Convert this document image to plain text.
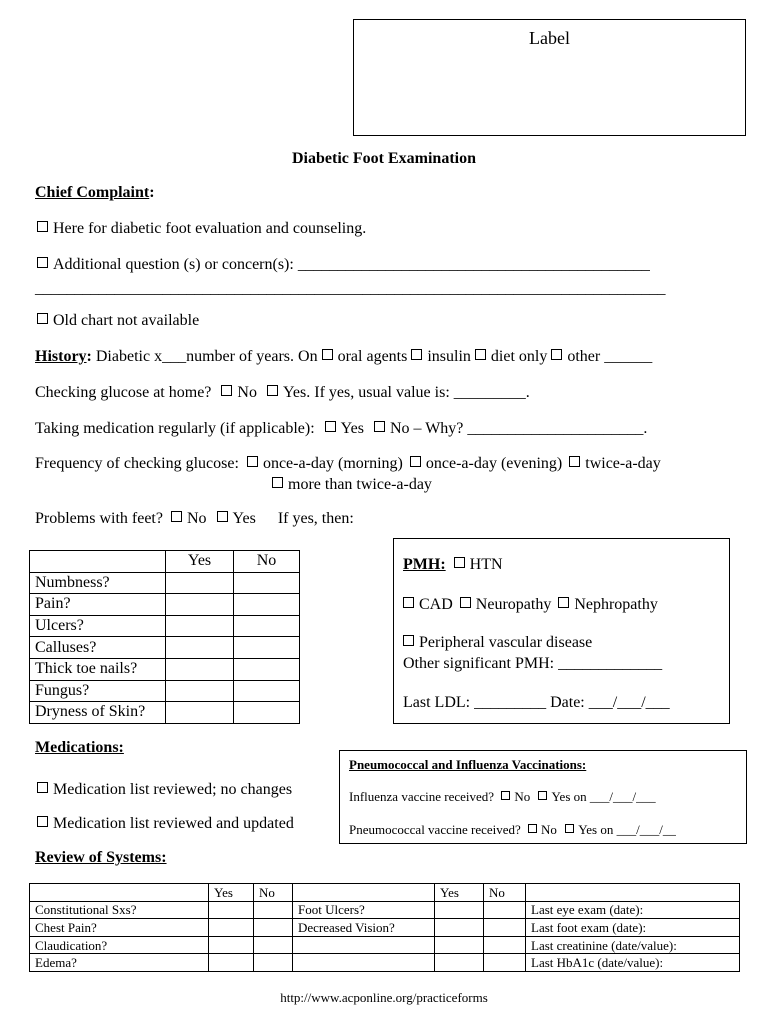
Label
Diabetic Foot Examination
Chief Complaint:
Here for diabetic foot evaluation and counseling.
Additional question (s) or concern(s): ____________________________________________
_______________________________________________________________________________
Old chart not available
History: Diabetic x___number of years. On oral agents insulin diet only other ______
Checking glucose at home? No Yes. If yes, usual value is: _________.
Taking medication regularly (if applicable): Yes No – Why? ______________________.
Frequency of checking glucose: once-a-day (morning) once-a-day (evening) twice-a-day
more than twice-a-day
Problems with feet? No Yes If yes, then:
	Yes	No
Numbness?		
Pain?		
Ulcers?		
Calluses?		
Thick toe nails?		
Fungus?		
Dryness of Skin?		
PMH: HTN
CAD Neuropathy Nephropathy
Peripheral vascular disease
Other significant PMH: _____________
Last LDL: _________ Date: ___/___/___
Medications:
Medication list reviewed; no changes
Medication list reviewed and updated
Pneumococcal and Influenza Vaccinations:
Influenza vaccine received? No Yes on ___/___/___
Pneumococcal vaccine received? No Yes on ___/___/__
Review of Systems:
	Yes	No		Yes	No	
Constitutional Sxs?			Foot Ulcers?			Last eye exam (date):
Chest Pain?			Decreased Vision?			Last foot exam (date):
Claudication?						Last creatinine (date/value):
Edema?						Last HbA1c (date/value):
http://www.acponline.org/practiceforms
